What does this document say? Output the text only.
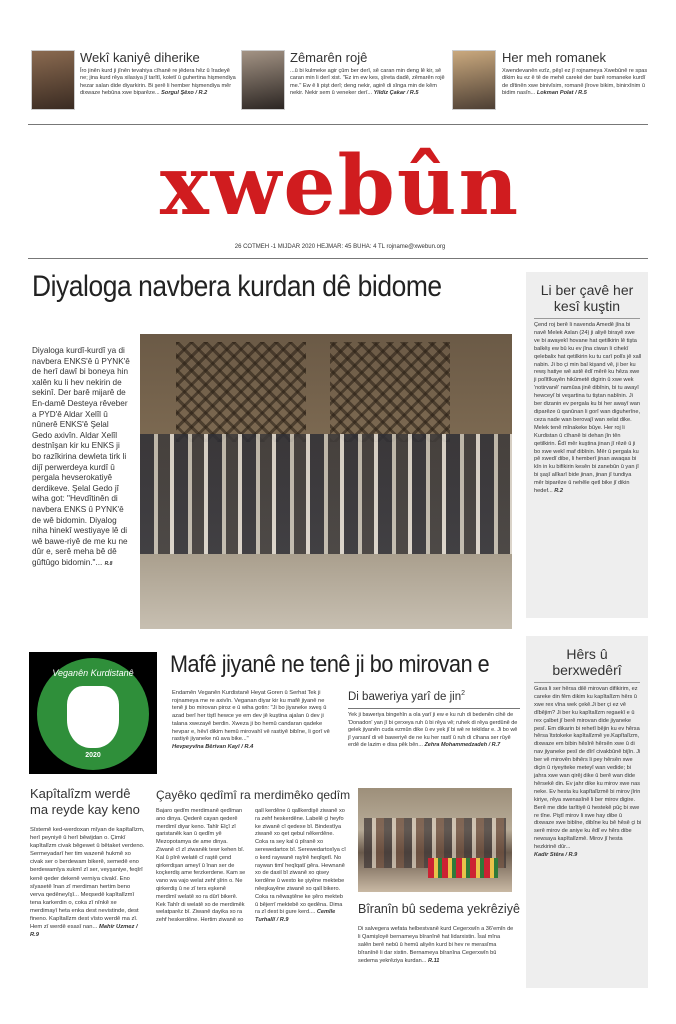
Wekî kaniyê diherike
Îro jinên kurd ji jînên tevahiya cîhanê re jêdera hêz û îradeyê ne; jina kurd rêya xilasiya jî tarîtî, koletî û guhertina hişmendiya hezar salan dide diyarkirin. Bi şerê li hember hişmendiya mêr dixwaze hebûna xwe biparêze... Sorgul Şêxo / R.2
Zêmarên rojê
...û bi kulmeke agir çûm ber derî, sê caran min deng lê kir, sê caran min li derî xist. "Ez im ew kes, şîreta dadê, zêmarên rojê me." Ew ê li pişt derî; deng nekir, agirê di sînga min de kêm nekir. Nekir sem û veneker derî... Yildiz Çakar / R.5
Her meh romanek
Xwendevanên ezîz, pêşî ez jî rojnameya Xwebûnê re spas dikim ku ez ê tê de mehê careké der barê romaneke kurdî de dîtinên xwe binivîsim, romanê jîrove bikim, binirxînim û bidim nasîn... Lokman Polat / R.5
xwebûn
26 COTMEH -1 MIJDAR 2020 HEJMAR: 45 BUHA: 4 TL rojname@xwebun.org
Diyaloga navbera kurdan dê bidome
Diyaloga kurdî-kurdî ya di navbera ENKS'ê û PYNK'ê de herî dawî bi boneya hin xalên ku li hev nekirin de sekinî. Der barê mijarê de En-damê Desteya rêveber a PYD'ê Aldar Xelîl û nûnerê ENKS'ê Şelal Gedo axivîn. Aldar Xelîl destnîşan kir ku ENKS ji bo razîkirina dewleta tirk li dijî perwerdeya kurdî û pergala hevserokatiyê derdikeve. Şelal Gedo jî wiha got: "Hevdîtinên di navbera ENKS û PYNK'ê de wê bidomin. Diyalog niha hinekî westiyaye lê di wê bawe-riyê de me ku ne dûr e, serê meha bê dê gûftûgo bidomin."... R.8
Li ber çavê her kesî kuştin
Çend roj berê li navenda Amedê jîna bi navê Melek Aslan (24) ji aliyê birayê xwe ve bi awayekî hovane hat qetilkirin lê tişta balkêş ew bû ku ev jîna ciwan li cihekî qelebalix hat qetilkirin ku tu carî polîs jê xall nabin. Ji bo çi min bal kişand vê, ji ber ku rewş hatiye wê astê êdî mêrê ku hêza xwe ji polîtîkayên hikûmetê digirin û xwe wek 'notirvanê' namûsa jinê dibînin, bi tu awayî hewceyî bi veşartina tu tiştan nabînin. Ji ber dizanin ev pergala ku bi her awayî wan diparêze û qanûnan li gorî wan diguherîne, ceza nade wan berovajî wan xelat dike. Melek tenê mînakeke bûye. Her roj li Kurdistan û cîhanê bi dehan jîn tên qetilkirin. Êdî mêr kuştina jinan jî rêzê û ji bo xwe wekî maf dibînin. Mêr û pergala ku pê xwedî dibe, li hemberî jinan awaqas bi kîn in ku bifikirin kesên bi zanebûn û yan jî bi şaşî alîkarî bide jinan, jinan jî tundiya mêr biparêze û nehêle qetl bike jî dikin hedef... R.2
Veganên Kurdistanê
2020
Mafê jiyanê ne tenê ji bo mirovan e
Endamên Veganên Kurdistanê Heyat Goren û Serhat Tek ji rojnameya me re axivîn. Veganan diyar kir ku mafê jiyanê ne tenê ji bo mirovan piroz e û wiha gotin: "Ji bo jiyaneke xweş û azad berî her tiştî hewce ye em dev jê kuştina ajalan û dev ji talana xwezayê berdin. Xweza ji bo hemû candaran qadeke hevpar e, hêvî dikim hemû mirovahî vê rastiyê bibîne, li gorî vê rastiyê jiyaneke nû ava bike..."
Hevpeyvîna Bêrivan Kayî / R.4
Di baweriya yarî de jin$^2$
Yek ji baweriya bingehîn a ola yarî ji ew e ku ruh di bedenên cihê de 'Donadon' yan jî bi çerxeya ruh û bi rêya vê; ruhek di rêya gerdûnê de gelek jiyanên cuda ezmûn dike û ev yek jî bi wê re tekildar e. Ji bo wê jî yarsanî di vê baweriyê de ne ku her rastî û ruh di cîhana ser rûyê erdê de lazim e disa pêk bên... Zehra Mohammedzadeh / R.7
Hêrs û berxwedêrî
Gava li ser hêrsa dilê mirovan difikirim, ez careke din fêm dikim ku kapîtalîzm hêrs û xwe rex vîna wek çekê.Ji ber çi ez vê dîbêjim? Ji ber ku kapîtalîzm regaekî e û rex çalbet jî berê mirovan dide jiyaneke pesî. Em dikarin bi rehetî bêjin ku ev hêrsa hêrsa îtstokeke kapîtalîzmê ye.Kapîtalîzm, dixwaze em bibin hêsîrê hêrsên xwe û di nav jiyaneke pesî de dîrî civakbûnê bijîn. Ji ber vê mirovên bihêrs li pey hêrsên xwe diçin û riyeyiteke meteyî wan vedide; bi jahra xwe wan qirêj dike û berê wan dide hêrsekê din. Ev jahr dike ku mirov xwe nas neke. Ev hesta ku kapîtalîzmê bi mirov jîrin kiriye, rêya xwenasînê li ber mirov digire. Berê me dide tarîtiyê û hestekê pûç bi xwe re tîne. Piştî mirov li xwe hay dibe û dixwaze xwe bibîne, dibîne ku bê hêsê çi bi serê mirov de aniye ku êdî ev hêrs dibe newsaya kapîtalîzmê. Mirov jî hesta hezkirinê dûr...
Kadir Stêra / R.9
Kapîtalîzm werdê ma reyde kay keno
Sîstemê ked-werdoxan mîyan de kapîtalîzm, herî peyniyê û herî bêwijdan o. Çimkî kapîtalîzm civak bêgewet û bêtaket verdeno. Sermeyadarî her tim wazenê hukmê xo civak ser o berdewam bikerê, semedê eno berdewamîya xukmî zî ser, veyşaniye, feqîrî kenê qeder dekenê verniya civakî. Eno sîyasetê înan zî merdiman hertim beno verva qedêneyîşî... Meqsedê kapîtalîzmî tena karkerdin o, coka zî nînkê xe merdimayî heta enka dest nevistinde, dest fineno. Kapîtalîzm dest vîsto werdê ma zî. Hem zî werdê esasî nan... Mahir Uzmez / R.9
Çayêko qedîmî ra merdimêko qedîm
Bajaro qedîm merdimanê qedîman ano dinya. Qederê cayan qederê merdimî diyar keno. Tahîr Elçî zî qaristanêk kan û qedîm yê Mezopotamya de ame dinya. Ziwanê cî zî ziwanêk tewr kehen bî. Kal û pîrê welatê cî raştê çend qirkerdişan ameyî û înan ser de koçkerdiş ame ferzkerdene. Kam se vano wa vajo welat zehf şîrin o. Ne qirkerdiş û ne zî ters eşkenê merdimî welatê xo ra dûrî bikerê. Kek Tahîr di welatê xo de merdimêk welatparêz bî. Ziwanê dayika xo ra zehf heskerdêne. Hertim ziwanê xo qall kerdêne û qallkerdişê ziwanê xo ra zehf heskerdêne. Labelê çi heyfo ke ziwanê cî qedexe bî. Bindestîya ziwanê xo qet qebul nêkerdêne. Coka ra sey kal û pîranê xo serewedartox bî. Serewedartoxîya cî o kerd raywanê rayîrê heqîqetî. No raywan timî heqîqatî gêra. Hewnanê xo de daxil bî ziwanê xo qisey kerdêne û wexto ke şiyêne mektebe nêeşkayêne ziwanê xo qall bikero. Coka ra nêwaştêne ke şêro mekteb û bêjerrî mektebê xo qedêna. Dima ra zî dest bi gure kerd.... Cemîle Turhallî / R.9
Bîranîn bû sedema yekrêziyê
Di salvegera wefata helbestvanê kurd Cegerxwîn a 36'emîn de li Qamişloyê bernameya bîranînê hat lidarxistin. Îsal mîna salên berê nebû û hemû aliyên kurd bi hev re merasîma bîranînê li dar xistin. Bernameya bîranîna Cegerxwîn bû sedema yekrêziya kurdan... R.11
